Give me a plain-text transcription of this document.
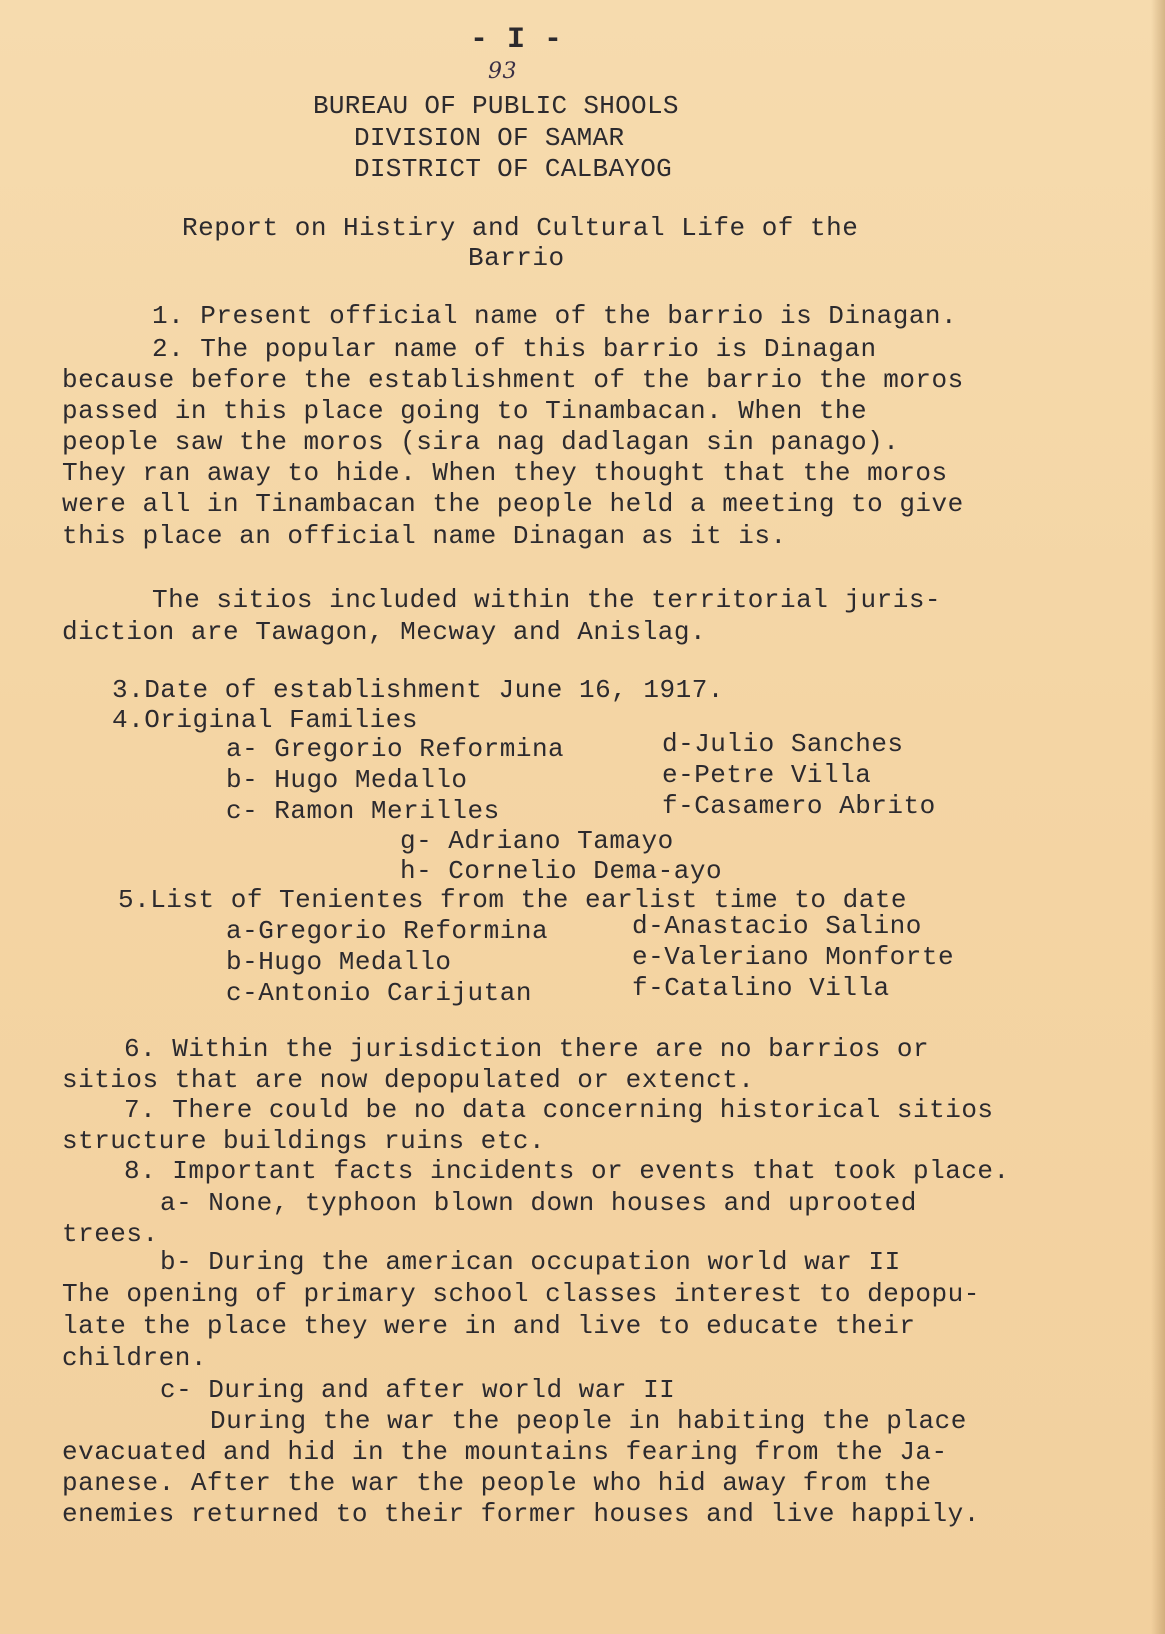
- I -
93
BUREAU OF PUBLIC SHOOLS
DIVISION OF SAMAR
DISTRICT OF CALBAYOG
Report on Histiry and Cultural Life of the
Barrio
1. Present official name of the barrio is Dinagan.
2. The popular name of this barrio is Dinagan
because before the establishment of the barrio the moros
passed in this place going to Tinambacan. When the
people saw the moros (sira nag dadlagan sin panago).
They ran away to hide. When they thought that the moros
were all in Tinambacan the people held a meeting to give
this place an official name Dinagan as it is.
The sitios included within the territorial juris-
diction are Tawagon, Mecway and Anislag.
3.Date of establishment June 16, 1917.
4.Original Families
a- Gregorio Reformina	d-Julio Sanches
b- Hugo Medallo	e-Petre Villa
c- Ramon Merilles	f-Casamero Abrito
g- Adriano Tamayo
h- Cornelio Dema-ayo
5.List of Tenientes from the earlist time to date
a-Gregorio Reformina	d-Anastacio Salino
b-Hugo Medallo	e-Valeriano Monforte
c-Antonio Carijutan	f-Catalino Villa
6. Within the jurisdiction there are no barrios or
sitios that are now depopulated or extenct.
7. There could be no data concerning historical sitios
structure buildings ruins etc.
8. Important facts incidents or events that took place.
a- None, typhoon blown down houses and uprooted
trees.
b- During the american occupation world war II
The opening of primary school classes interest to depopu-
late the place they were in and live to educate their
children.
c- During and after world war II
During the war the people in habiting the place
evacuated and hid in the mountains fearing from the Ja-
panese. After the war the people who hid away from the
enemies returned to their former houses and live happily.
